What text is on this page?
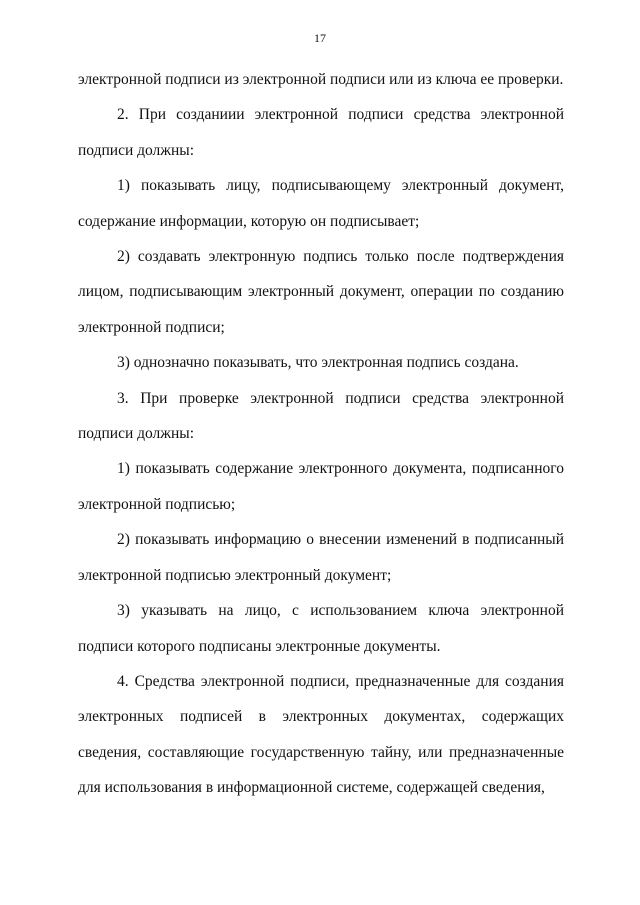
17

электронной подписи из электронной подписи или из ключа ее проверки.

2. При созданиии электронной подписи средства электронной подписи должны:

1) показывать лицу, подписывающему электронный документ, содержание информации, которую он подписывает;

2) создавать электронную подпись только после подтверждения лицом, подписывающим электронный документ, операции по созданию электронной подписи;

3) однозначно показывать, что электронная подпись создана.

3. При проверке электронной подписи средства электронной подписи должны:

1) показывать содержание электронного документа, подписанного электронной подписью;

2) показывать информацию о внесении изменений в подписанный электронной подписью электронный документ;

3) указывать на лицо, с использованием ключа электронной подписи которого подписаны электронные документы.

4. Средства электронной подписи, предназначенные для создания электронных подписей в электронных документах, содержащих сведения, составляющие государственную тайну, или предназначенные для использования в информационной системе, содержащей сведения,
